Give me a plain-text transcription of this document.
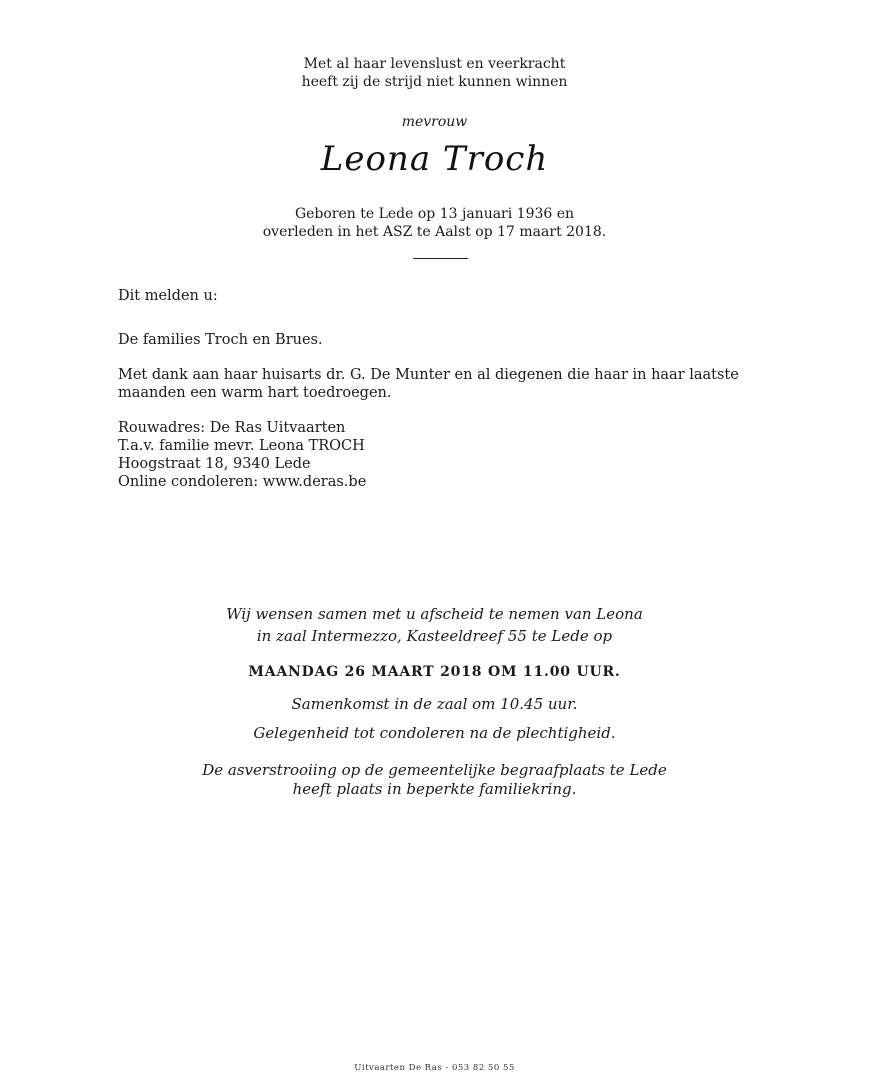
Met al haar levenslust en veerkracht
heeft zij de strijd niet kunnen winnen
mevrouw
Leona Troch
Geboren te Lede op 13 januari 1936 en
overleden in het ASZ te Aalst op 17 maart 2018.
Dit melden u:
De families Troch en Brues.
Met dank aan haar huisarts dr. G. De Munter en al diegenen die haar in haar laatste
maanden een warm hart toedroegen.
Rouwadres: De Ras Uitvaarten
T.a.v. familie mevr. Leona TROCH
Hoogstraat 18, 9340 Lede
Online condoleren: www.deras.be
Wij wensen samen met u afscheid te nemen van Leona
in zaal Intermezzo, Kasteeldreef 55 te Lede op
MAANDAG 26 MAART 2018 OM 11.00 UUR.
Samenkomst in de zaal om 10.45 uur.
Gelegenheid tot condoleren na de plechtigheid.
De asverstrooiing op de gemeentelijke begraafplaats te Lede
heeft plaats in beperkte familiekring.
Uitvaarten De Ras - 053 82 50 55
